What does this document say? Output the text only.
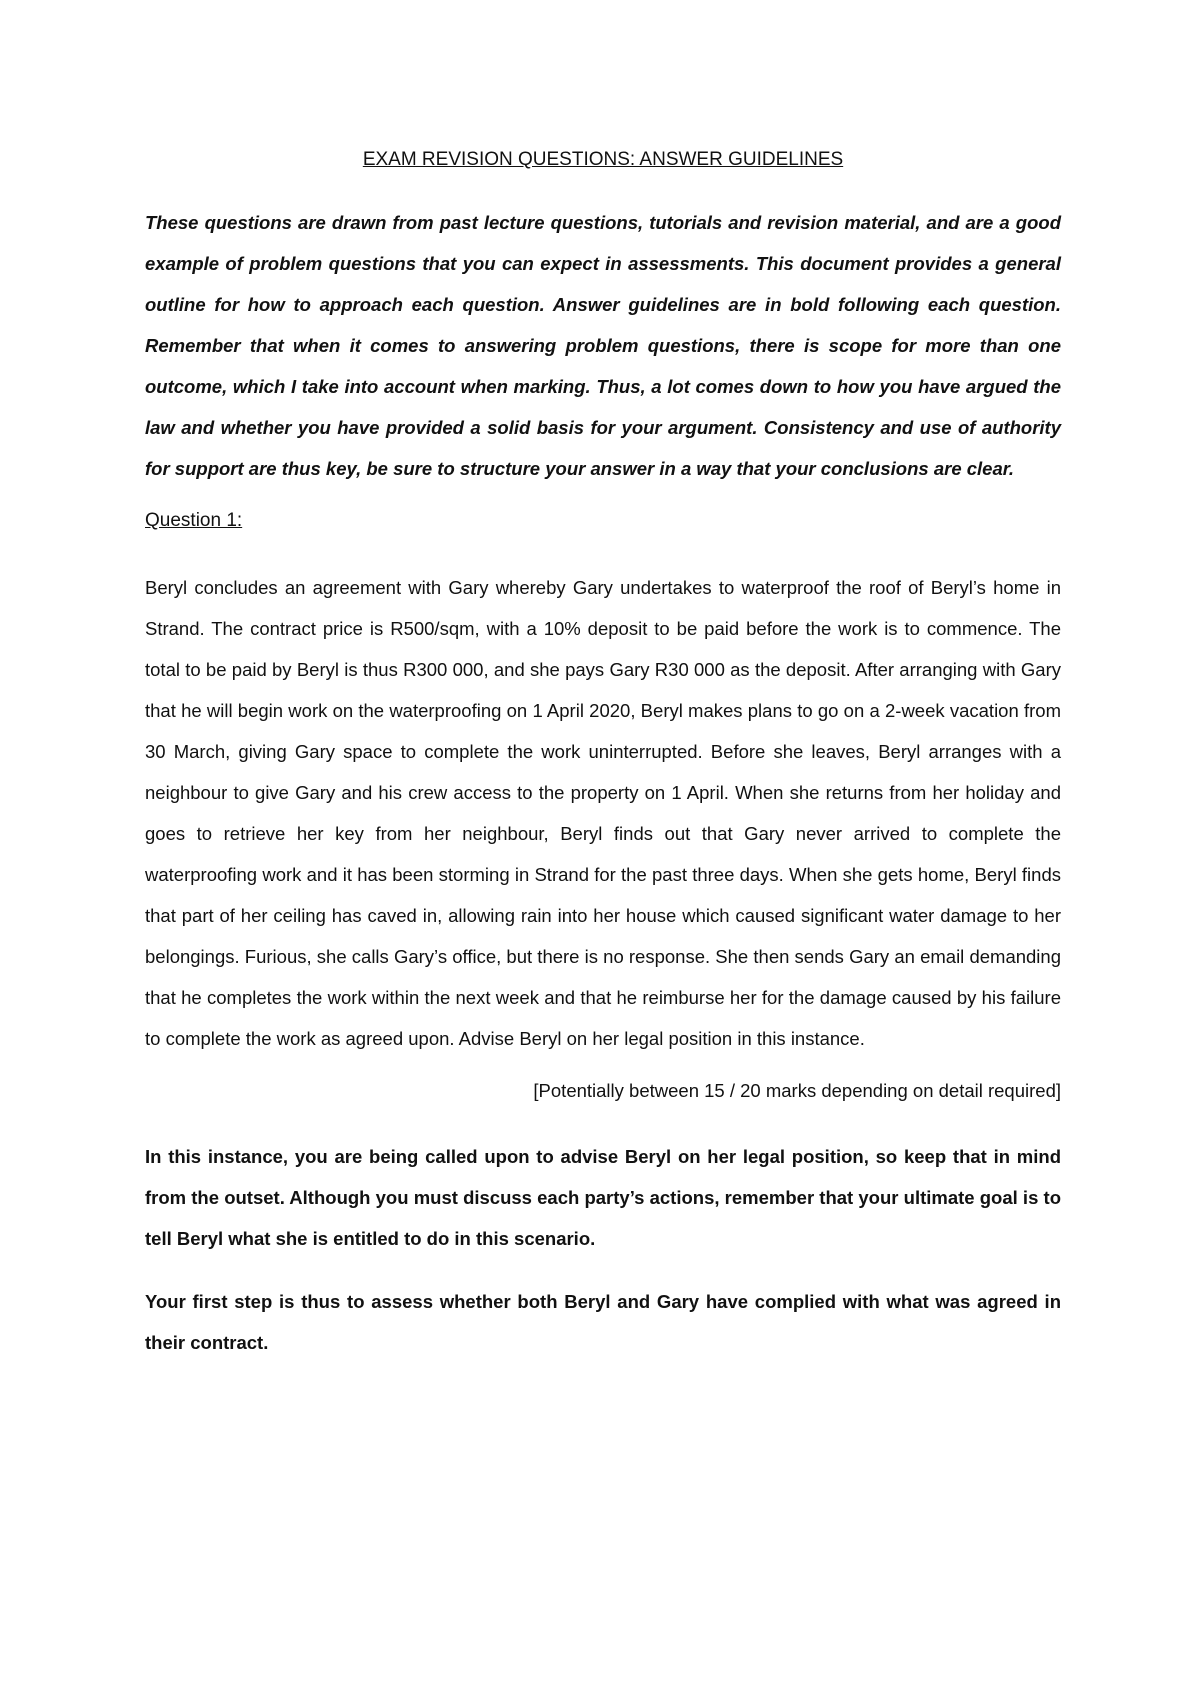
EXAM REVISION QUESTIONS: ANSWER GUIDELINES

These questions are drawn from past lecture questions, tutorials and revision material, and are a good example of problem questions that you can expect in assessments. This document provides a general outline for how to approach each question. Answer guidelines are in bold following each question. Remember that when it comes to answering problem questions, there is scope for more than one outcome, which I take into account when marking. Thus, a lot comes down to how you have argued the law and whether you have provided a solid basis for your argument. Consistency and use of authority for support are thus key, be sure to structure your answer in a way that your conclusions are clear.

Question 1:

Beryl concludes an agreement with Gary whereby Gary undertakes to waterproof the roof of Beryl’s home in Strand. The contract price is R500/sqm, with a 10% deposit to be paid before the work is to commence. The total to be paid by Beryl is thus R300 000, and she pays Gary R30 000 as the deposit. After arranging with Gary that he will begin work on the waterproofing on 1 April 2020, Beryl makes plans to go on a 2-week vacation from 30 March, giving Gary space to complete the work uninterrupted. Before she leaves, Beryl arranges with a neighbour to give Gary and his crew access to the property on 1 April. When she returns from her holiday and goes to retrieve her key from her neighbour, Beryl finds out that Gary never arrived to complete the waterproofing work and it has been storming in Strand for the past three days. When she gets home, Beryl finds that part of her ceiling has caved in, allowing rain into her house which caused significant water damage to her belongings. Furious, she calls Gary’s office, but there is no response. She then sends Gary an email demanding that he completes the work within the next week and that he reimburse her for the damage caused by his failure to complete the work as agreed upon. Advise Beryl on her legal position in this instance.

[Potentially between 15 / 20 marks depending on detail required]

In this instance, you are being called upon to advise Beryl on her legal position, so keep that in mind from the outset. Although you must discuss each party’s actions, remember that your ultimate goal is to tell Beryl what she is entitled to do in this scenario.

Your first step is thus to assess whether both Beryl and Gary have complied with what was agreed in their contract.
